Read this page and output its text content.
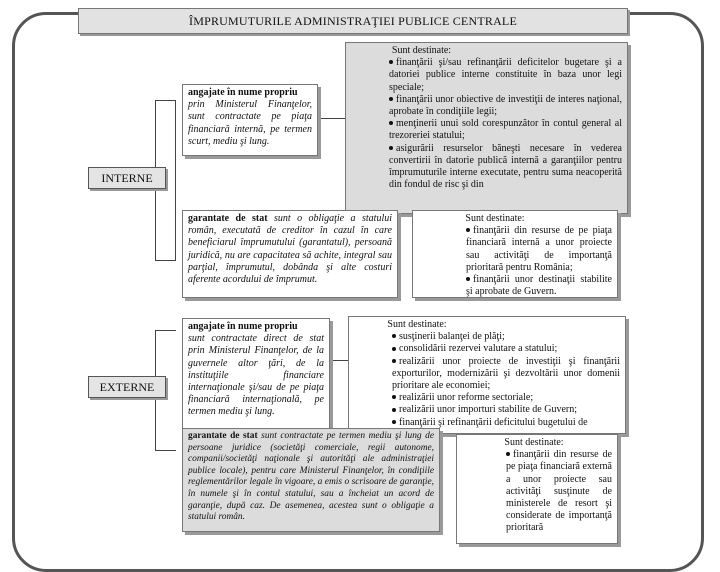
ÎMPRUMUTURILE ADMINISTRAŢIEI PUBLICE CENTRALE
INTERNE
EXTERNE
angajate în nume propriu
prin Ministerul Finanţelor, sunt contractate pe piaţa financiară internă, pe termen scurt, mediu şi lung.
Sunt destinate:
finanţării şi/sau refinanţării deficitelor bugetare şi a datoriei publice interne constituite în baza unor legi speciale;
finanţării unor obiective de investiţii de interes naţional, aprobate în condiţiile legii;
menţinerii unui sold corespunzător în contul general al trezoreriei statului;
asigurării resurselor băneşti necesare în vederea convertirii în datorie publică internă a garanţiilor pentru împrumuturile interne executate, pentru suma neacoperită din fondul de risc şi din
garantate de stat sunt o obligaţie a statului român, executată de creditor în cazul în care beneficiarul împrumutului (garantatul), persoană juridică, nu are capacitatea să achite, integral sau parţial, împrumutul, dobânda şi alte costuri aferente acordului de împrumut.
Sunt destinate:
finanţării din resurse de pe piaţa financiară internă a unor proiecte sau activităţi de importanţă prioritară pentru România;
finanţării unor destinaţii stabilite şi aprobate de Guvern.
angajate în nume propriu
sunt contractate direct de stat prin Ministerul Finanţelor, de la guvernele altor ţări, de la instituţiile financiare internaţionale şi/sau de pe piaţa financiară internaţională, pe termen mediu şi lung.
Sunt destinate:
susţinerii balanţei de plăţi;
consolidării rezervei valutare a statului;
realizării unor proiecte de investiţii şi finanţării exporturilor, modernizării şi dezvoltării unor domenii prioritare ale economiei;
realizării unor reforme sectoriale;
realizării unor importuri stabilite de Guvern;
finanţării şi refinanţării deficitului bugetului de
garantate de stat sunt contractate pe termen mediu şi lung de persoane juridice (societăţi comerciale, regii autonome, companii/societăţi naţionale şi autorităţi ale administraţiei publice locale), pentru care Ministerul Finanţelor, în condiţiile reglementărilor legale în vigoare, a emis o scrisoare de garanţie, în numele şi în contul statului, sau a încheiat un acord de garanţie, după caz. De asemenea, acestea sunt o obligaţie a statului român.
Sunt destinate:
finanţării din resurse de pe piaţa financiară externă a unor proiecte sau activităţi susţinute de ministerele de resort şi considerate de importanţă prioritară
